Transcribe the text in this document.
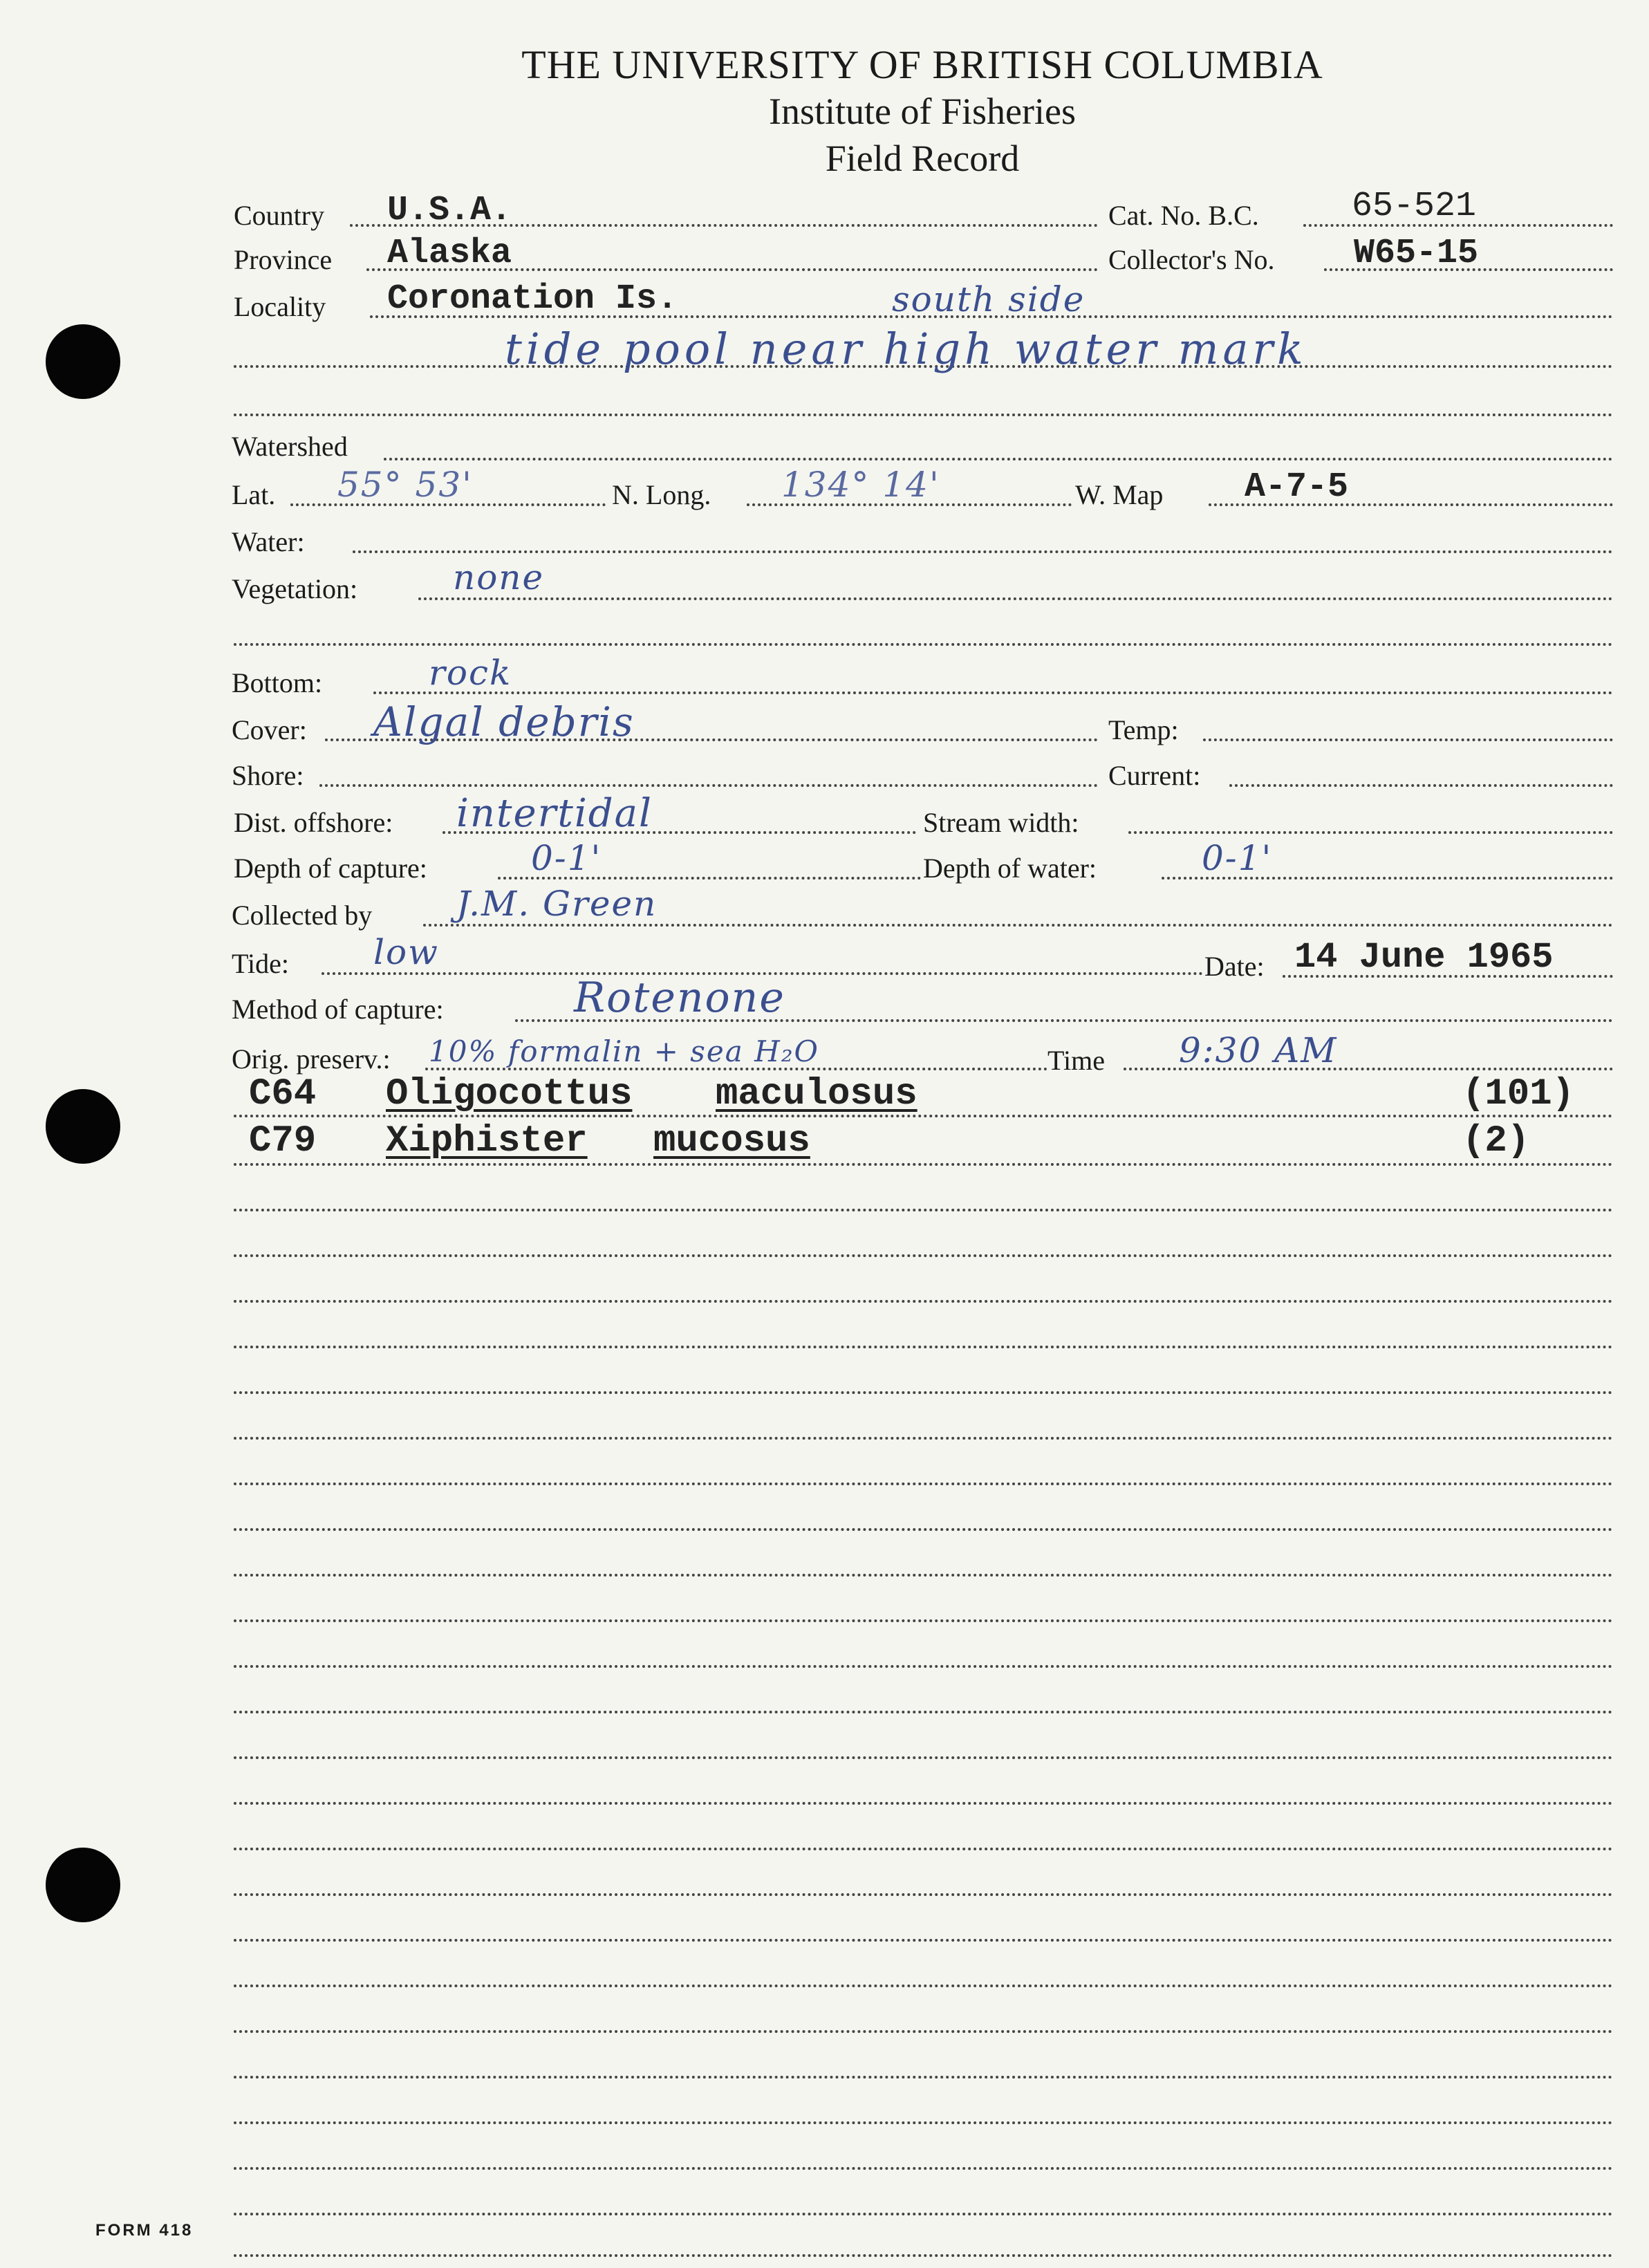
THE UNIVERSITY OF BRITISH COLUMBIA
Institute of Fisheries
Field Record
Country U.S.A.	Cat. No. B.C.	65-521
Province Alaska	Collector's No. W65-15
Locality Coronation Is.	south side
tide pool near high water mark
Watershed
Lat. 55° 53'	N. Long. 134° 14'	W. Map A-7-5
Water:
Vegetation:	none
Bottom:	rock
Cover: Algal debris	Temp:
Shore:	Current:
Dist. offshore: intertidal	Stream width:
Depth of capture:	0-1'	Depth of water:	0-1'
Collected by J.M. Green
Tide: low	Date: 14 June 1965
Method of capture:	Rotenone
Orig. preserv.: 10% formalin + sea H₂O	Time 9:30 AM
C64 Oligocottus maculosus	(101)
C79 Xiphister mucosus	(2)
FORM 418
